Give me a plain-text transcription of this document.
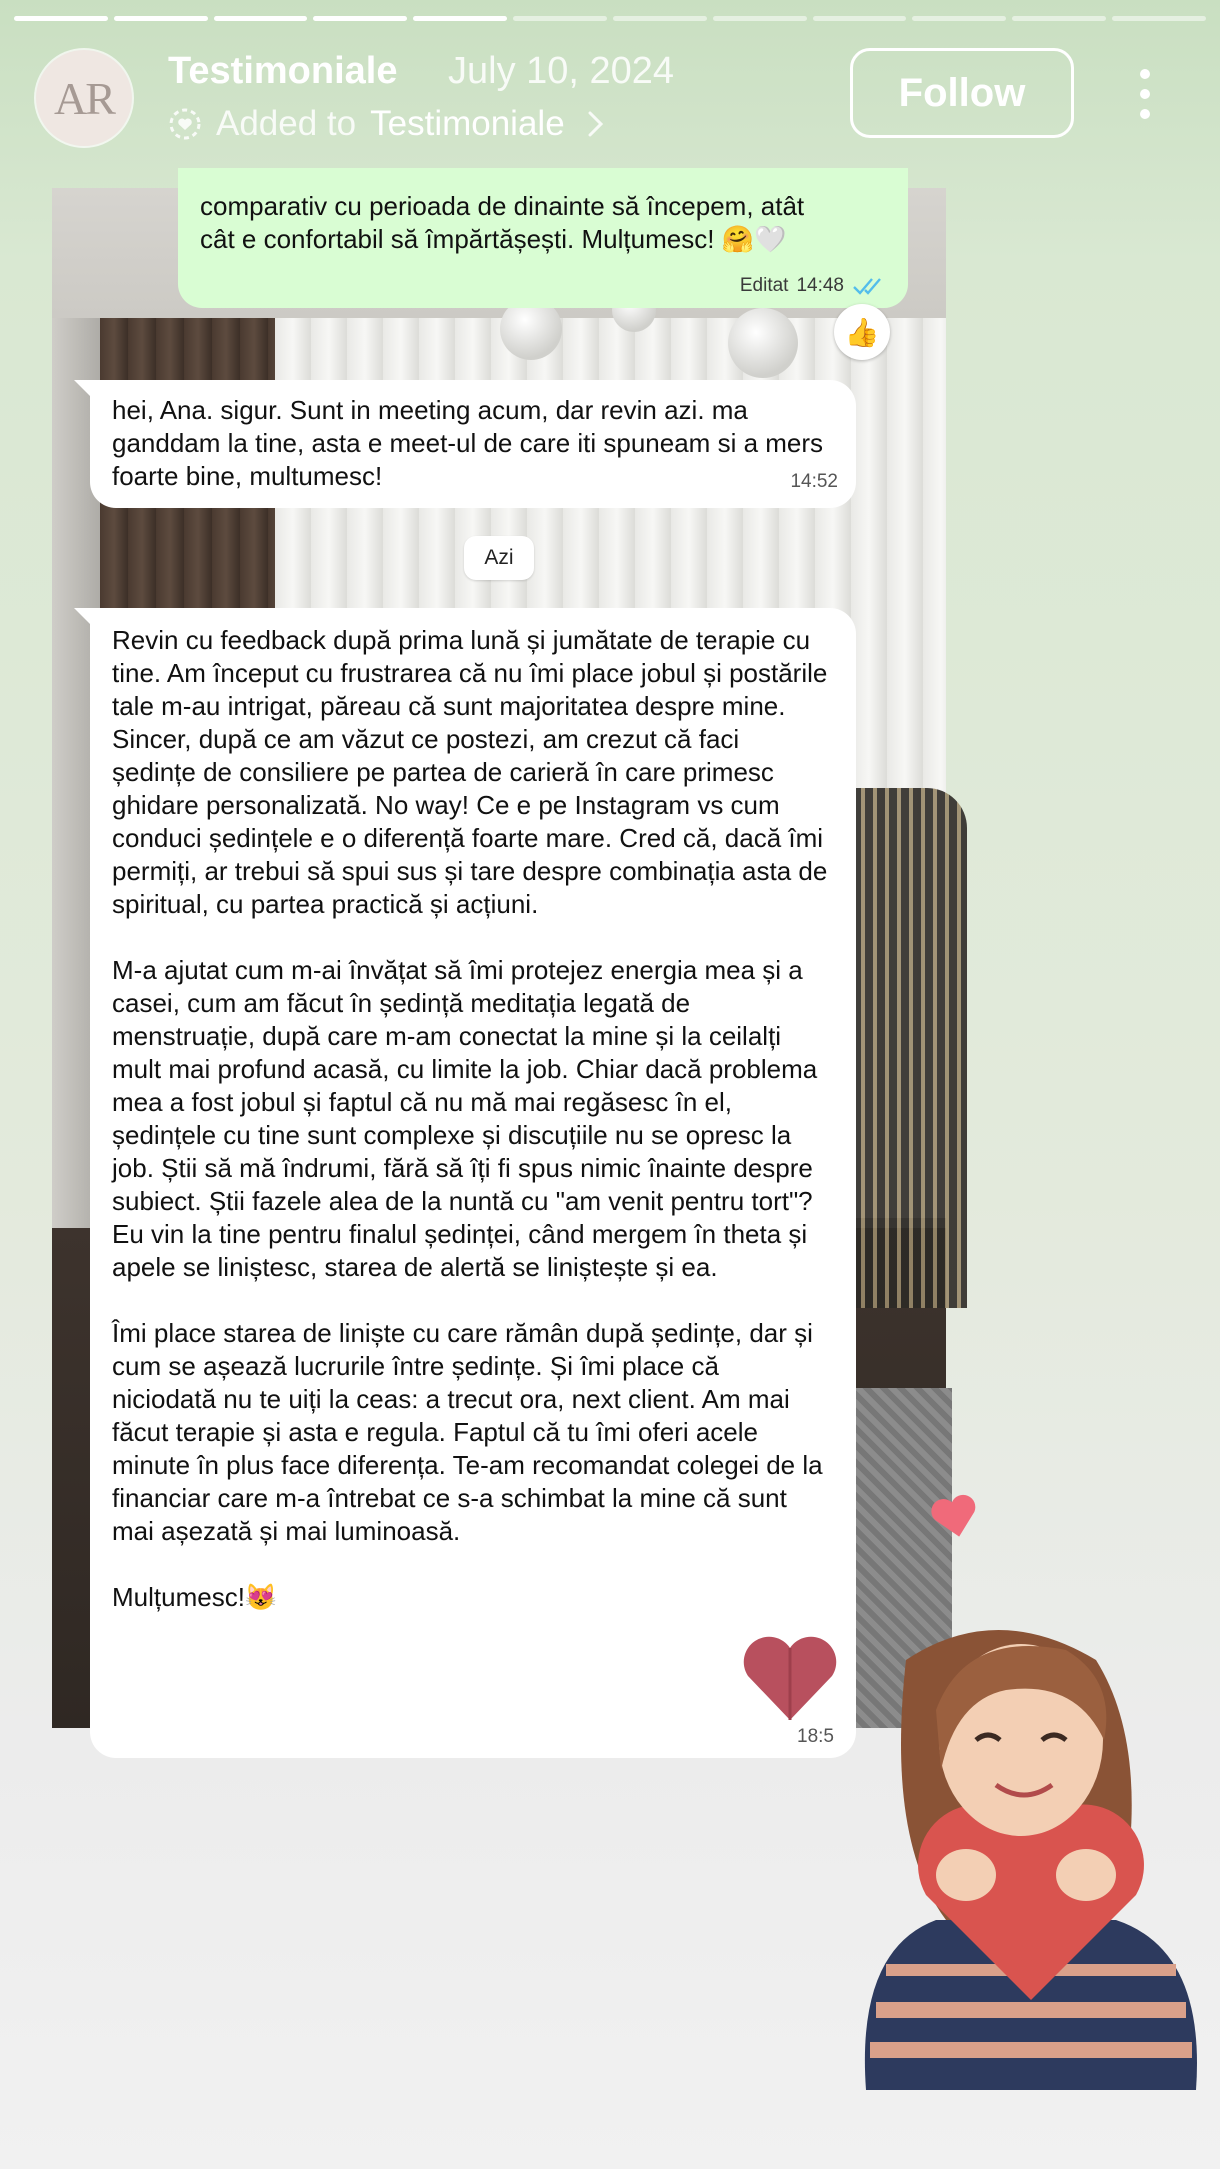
AR
Testimoniale July 10, 2024
Added to Testimoniale
Follow
comparativ cu perioada de dinainte să începem, atât
cât e confortabil să împărtășești. Mulțumesc! 🤗🤍
Editat 14:48
👍
hei, Ana. sigur. Sunt in meeting acum, dar revin azi. ma ganddam la tine, asta e meet-ul de care iti spuneam si a mers foarte bine, multumesc!	14:52
Azi

Revin cu feedback după prima lună și jumătate de terapie cu tine. Am început cu frustrarea că nu îmi place jobul și postările tale m-au intrigat, păreau că sunt majoritatea despre mine. Sincer, după ce am văzut ce postezi, am crezut că faci ședințe de consiliere pe partea de carieră în care primesc ghidare personalizată. No way! Ce e pe Instagram vs cum conduci ședințele e o diferență foarte mare. Cred că, dacă îmi permiți, ar trebui să spui sus și tare despre combinația asta de spiritual, cu partea practică și acțiuni.

M-a ajutat cum m-ai învățat să îmi protejez energia mea și a casei, cum am făcut în ședință meditația legată de menstruație, după care m-am conectat la mine și la ceilalți mult mai profund acasă, cu limite la job. Chiar dacă problema mea a fost jobul și faptul că nu mă mai regăsesc în el, ședințele cu tine sunt complexe și discuțiile nu se opresc la job. Știi să mă îndrumi, fără să îți fi spus nimic înainte despre subiect. Știi fazele alea de la nuntă cu "am venit pentru tort"? Eu vin la tine pentru finalul ședinței, când mergem în theta și apele se liniștesc, starea de alertă se liniștește și ea.

Îmi place starea de liniște cu care rămân după ședințe, dar și cum se așează lucrurile între ședințe. Și îmi place că niciodată nu te uiți la ceas: a trecut ora, next client. Am mai făcut terapie și asta e regula. Faptul că tu îmi oferi acele minute în plus face diferența. Te-am recomandat colegei de la financiar care m-a întrebat ce s-a schimbat la mine că sunt mai așezată și mai luminoasă.

Mulțumesc!😻

18:5
